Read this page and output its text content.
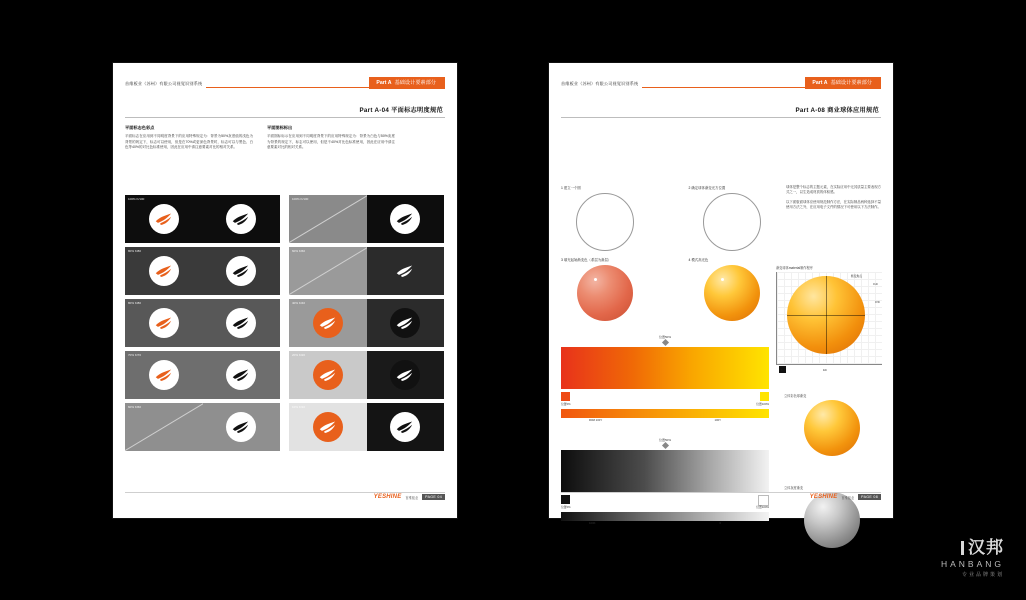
首维板业（苏州）有限公司视觉识别系统	Part A 基础设计要素部分
Part A-04 平面标志明度规范
平面标志色彩点

平面标志在应用到不同明度背景下的应用特殊规定为：背景为50%灰度值的浅色为背景的规定下，标志可以使用，但是在70%或更深色背景时，标志可以与黑色、白色等40%的对比色标准使用，因此在应用中请注意要素对比的相对关系。

平面图标标出

平面图标标示在应用到不同明度背景下的应用特殊规定为：背景为白色与50%灰度为背景的规定下，标志可以使用，但是不40%对比色标准使用，因此在应用中请注意要素对比的相对关系。

100% K/100	100% K/100
80% K/80	60% K/60
80% K/80	40% K/40
70% K/70	20% K/20
60% K/60	10% K/10
YESHINE 首维板业	PAGE 04
首维板业（苏州）有限公司视觉识别系统	Part A 基础设计要素部分
Part A-08 商业球体应用规范

球体是整个标志的主题元素，在实际应用中无其质量主要表现方式之一，以生造成材质的体积感。

以下面版面球体应使用规范制作方法，在实际制品两种选择不量使用方法之外，在应用电子文件的情况下可使用以下方法制作。

1 建立一个圆	2 确定球体渐变光方位置
3 填充起始渐变色（系层为渐层）	4 模式高光色
渐变球体material制作程序
0.2r
0.5r
渐变焦点
b	10r
位置50%
位置0%	位置100%
R0M 100Y	100Y
位置50%
位置0%	位置100%
100K	0
立体彩色球渐变
立体灰度渐变
YESHINE 首维板业	PAGE 08
汉邦
HANBANG
专业品牌策划
